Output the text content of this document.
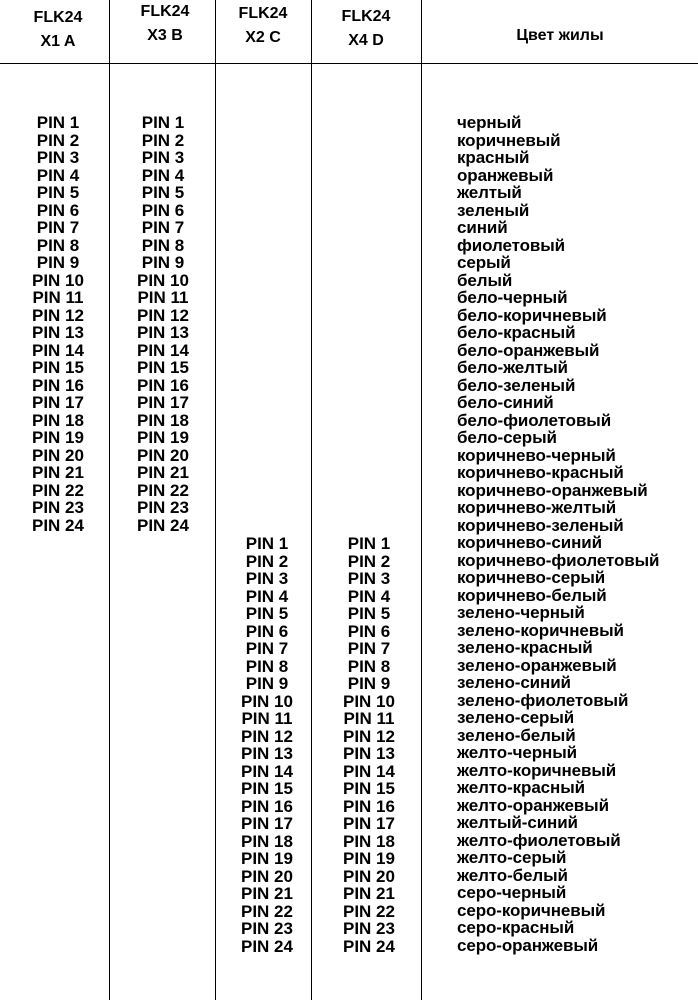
FLK24
X1 A
FLK24
X3 B
FLK24
X2 C
FLK24
X4 D	Цвет жилы
PIN 1
PIN 2
PIN 3
PIN 4
PIN 5
PIN 6
PIN 7
PIN 8
PIN 9
PIN 10
PIN 11
PIN 12
PIN 13
PIN 14
PIN 15
PIN 16
PIN 17
PIN 18
PIN 19
PIN 20
PIN 21
PIN 22
PIN 23
PIN 24
PIN 1
PIN 2
PIN 3
PIN 4
PIN 5
PIN 6
PIN 7
PIN 8
PIN 9
PIN 10
PIN 11
PIN 12
PIN 13
PIN 14
PIN 15
PIN 16
PIN 17
PIN 18
PIN 19
PIN 20
PIN 21
PIN 22
PIN 23
PIN 24
PIN 1
PIN 2
PIN 3
PIN 4
PIN 5
PIN 6
PIN 7
PIN 8
PIN 9
PIN 10
PIN 11
PIN 12
PIN 13
PIN 14
PIN 15
PIN 16
PIN 17
PIN 18
PIN 19
PIN 20
PIN 21
PIN 22
PIN 23
PIN 24
PIN 1
PIN 2
PIN 3
PIN 4
PIN 5
PIN 6
PIN 7
PIN 8
PIN 9
PIN 10
PIN 11
PIN 12
PIN 13
PIN 14
PIN 15
PIN 16
PIN 17
PIN 18
PIN 19
PIN 20
PIN 21
PIN 22
PIN 23
PIN 24
черный
коричневый
красный
оранжевый
желтый
зеленый
синий
фиолетовый
серый
белый
бело-черный
бело-коричневый
бело-красный
бело-оранжевый
бело-желтый
бело-зеленый
бело-синий
бело-фиолетовый
бело-серый
коричнево-черный
коричнево-красный
коричнево-оранжевый
коричнево-желтый
коричнево-зеленый
коричнево-синий
коричнево-фиолетовый
коричнево-серый
коричнево-белый
зелено-черный
зелено-коричневый
зелено-красный
зелено-оранжевый
зелено-синий
зелено-фиолетовый
зелено-серый
зелено-белый
желто-черный
желто-коричневый
желто-красный
желто-оранжевый
желтый-синий
желто-фиолетовый
желто-серый
желто-белый
серо-черный
серо-коричневый
серо-красный
серо-оранжевый
